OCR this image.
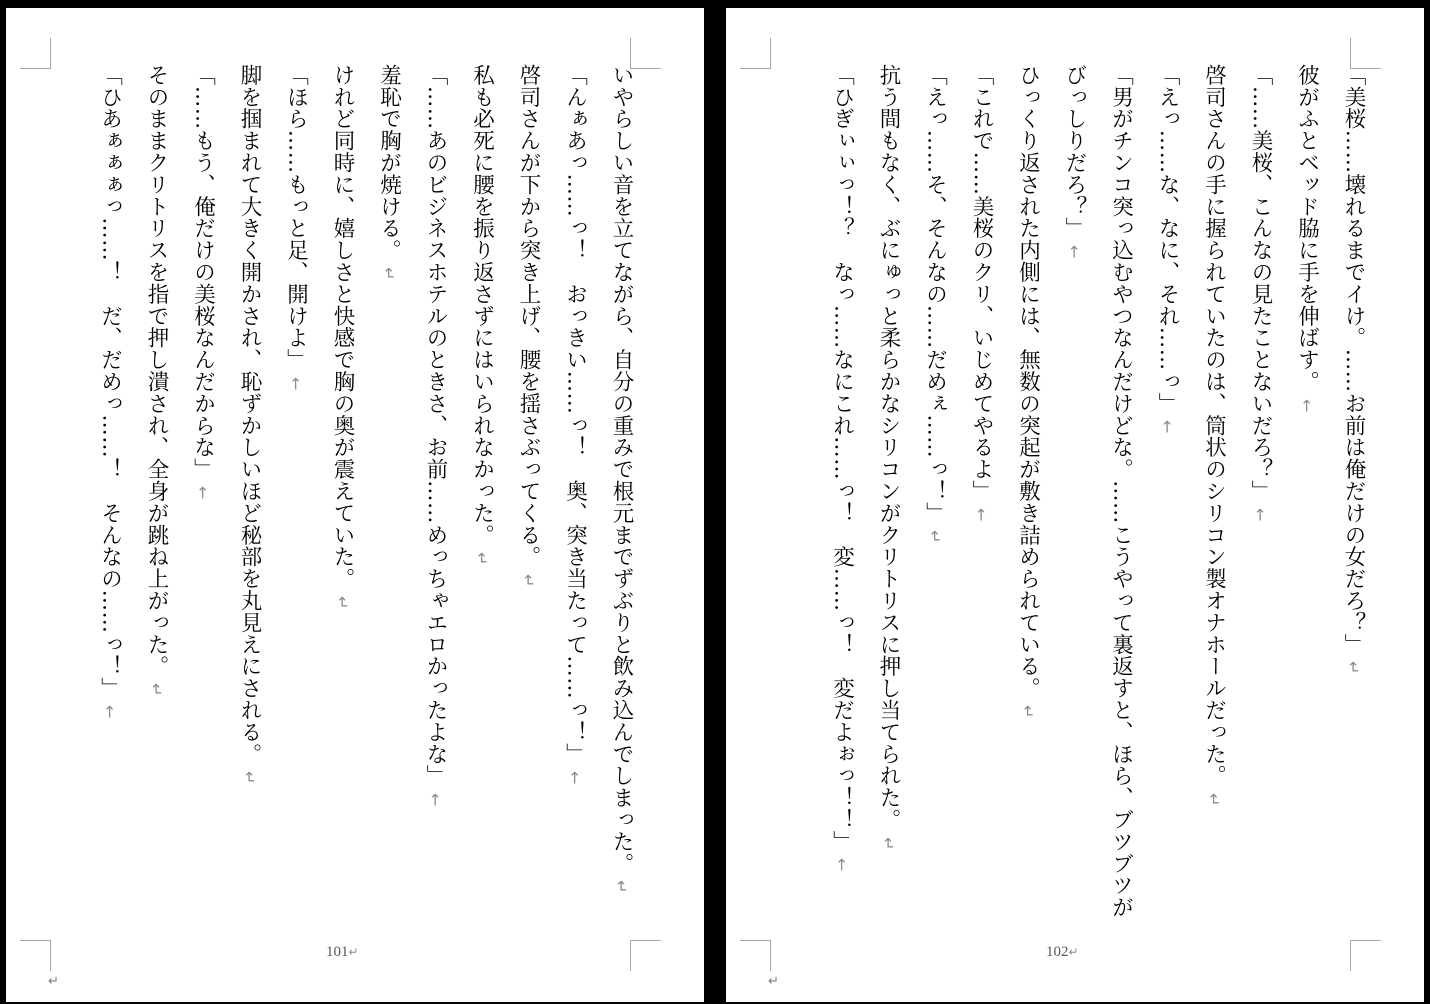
いやらしい音を立てながら、自分の重みで根元までずぶりと飲み込んでしまった。↵

「んぁあっ……っ！　おっきい……っ！　奥、突き当たって……っ！」←

啓司さんが下から突き上げ、腰を揺さぶってくる。↵

私も必死に腰を振り返さずにはいられなかった。↵

「……あのビジネスホテルのときさ、お前……めっちゃエロかったよな」←

羞恥で胸が焼ける。↵

けれど同時に、嬉しさと快感で胸の奥が震えていた。↵

「ほら……もっと足、開けよ」←

脚を掴まれて大きく開かされ、恥ずかしいほど秘部を丸見えにされる。↵

「……もう、俺だけの美桜なんだからな」←

そのままクリトリスを指で押し潰され、全身が跳ね上がった。↵

「ひあぁぁぁっ……！　だ、だめっ……！　そんなの……っ！」←

101↵
↵

「美桜……壊れるまでイけ。……お前は俺だけの女だろ？」↵

彼がふとベッド脇に手を伸ばす。←

「……美桜、こんなの見たことないだろ？」←

啓司さんの手に握られていたのは、筒状のシリコン製オナホールだった。↵

「えっ……な、なに、それ……っ」←

「男がチンコ突っ込むやつなんだけどな。……こうやって裏返すと、ほら、ブツブツがびっしりだろ？」←

ひっくり返された内側には、無数の突起が敷き詰められている。↵

「これで……美桜のクリ、いじめてやるよ」←

「えっ……そ、そんなの……だめぇ……っ！」↵

抗う間もなく、ぶにゅっと柔らかなシリコンがクリトリスに押し当てられた。↵

「ひぎぃぃっ！？　なっ……なにこれ……っ！　変……っ！　変だよぉっ！！」←

102↵
↵
